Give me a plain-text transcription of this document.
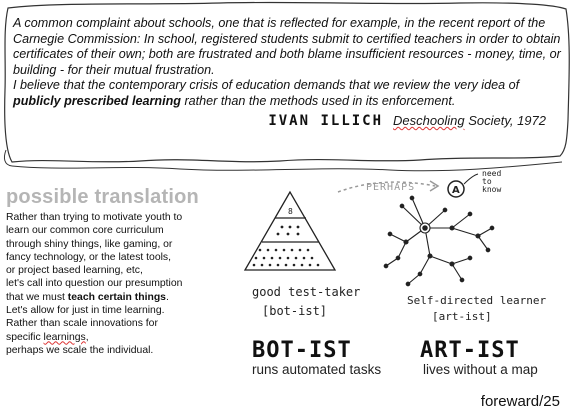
A common complaint about schools, one that is reflected for example, in the recent report of the Carnegie Commission: In school, registered students submit to certified teachers in order to obtain certificates of their own; both are frustrated and both blame insufficient resources - money, time, or building - for their mutual frustration.

I believe that the contemporary crisis of education demands that we review the very idea of publicly prescribed learning rather than the methods used in its enforcement.

IVAN ILLICH Deschooling Society, 1972
possible translation

Rather than trying to motivate youth to

learn our common core curriculum

through shiny things, like gaming, or

fancy technology, or the latest tools,

or project based learning, etc,

let's call into question our presumption

that we must teach certain things.

Let's allow for just in time learning.

Rather than scale innovations for

specific learnings,

perhaps we scale the individual.

8
A
PERHAPS
need to know
good test-taker
[bot-ist]
Self-directed learner
[art-ist]
BOT-IST
runs automated tasks
ART-IST
lives without a map
foreward/25
